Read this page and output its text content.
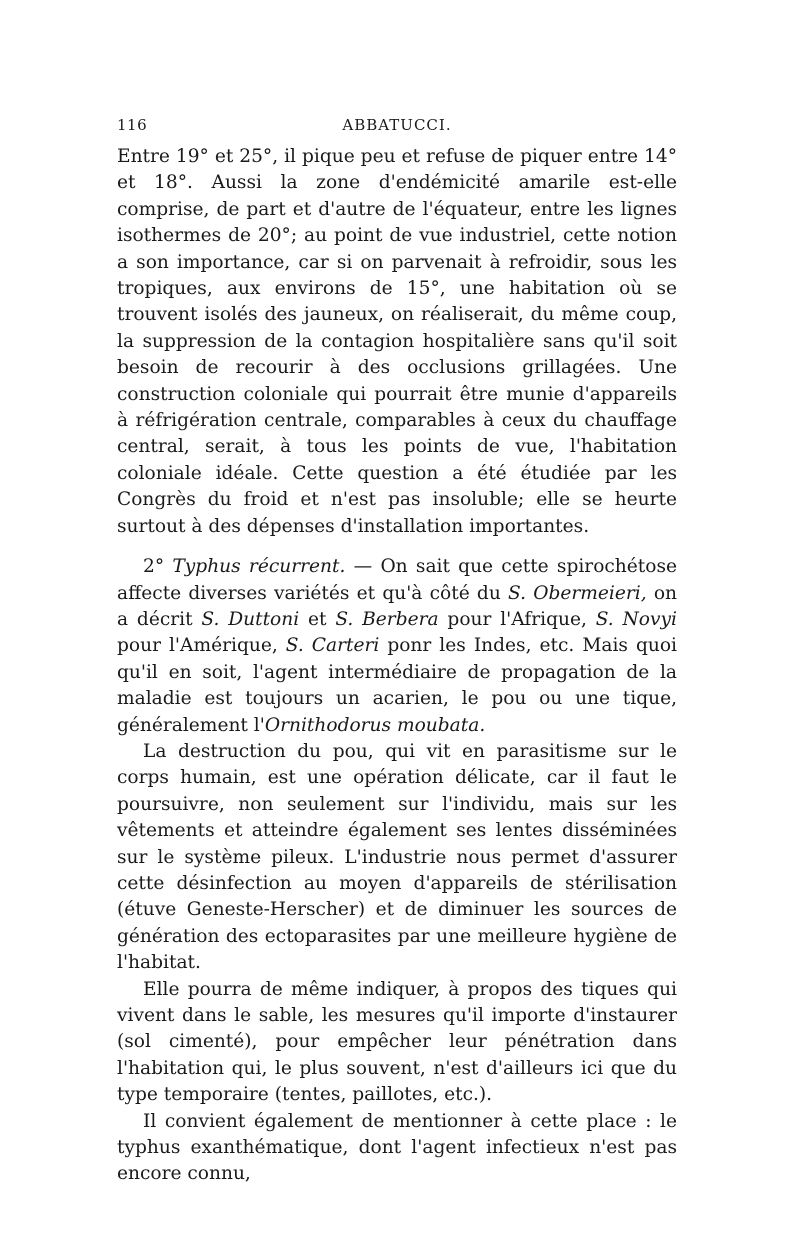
116	ABBATUCCI.

Entre 19° et 25°, il pique peu et refuse de piquer entre 14° et 18°. Aussi la zone d'endémicité amarile est-elle comprise, de part et d'autre de l'équateur, entre les lignes isothermes de 20°; au point de vue industriel, cette notion a son importance, car si on parvenait à refroidir, sous les tropiques, aux environs de 15°, une habitation où se trouvent isolés des jauneux, on réaliserait, du même coup, la suppression de la contagion hospitalière sans qu'il soit besoin de recourir à des occlusions grillagées. Une construction coloniale qui pourrait être munie d'appareils à réfrigération centrale, comparables à ceux du chauffage central, serait, à tous les points de vue, l'habitation coloniale idéale. Cette question a été étudiée par les Congrès du froid et n'est pas insoluble; elle se heurte surtout à des dépenses d'installation importantes.

2° Typhus récurrent. — On sait que cette spirochétose affecte diverses variétés et qu'à côté du S. Obermeieri, on a décrit S. Duttoni et S. Berbera pour l'Afrique, S. Novyi pour l'Amérique, S. Carteri ponr les Indes, etc. Mais quoi qu'il en soit, l'agent intermédiaire de propagation de la maladie est toujours un acarien, le pou ou une tique, généralement l'Ornithodorus moubata.

La destruction du pou, qui vit en parasitisme sur le corps humain, est une opération délicate, car il faut le poursuivre, non seulement sur l'individu, mais sur les vêtements et atteindre également ses lentes disséminées sur le système pileux. L'industrie nous permet d'assurer cette désinfection au moyen d'appareils de stérilisation (étuve Geneste-Herscher) et de diminuer les sources de génération des ectoparasites par une meilleure hygiène de l'habitat.

Elle pourra de même indiquer, à propos des tiques qui vivent dans le sable, les mesures qu'il importe d'instaurer (sol cimenté), pour empêcher leur pénétration dans l'habitation qui, le plus souvent, n'est d'ailleurs ici que du type temporaire (tentes, paillotes, etc.).

Il convient également de mentionner à cette place : le typhus exanthématique, dont l'agent infectieux n'est pas encore connu,
